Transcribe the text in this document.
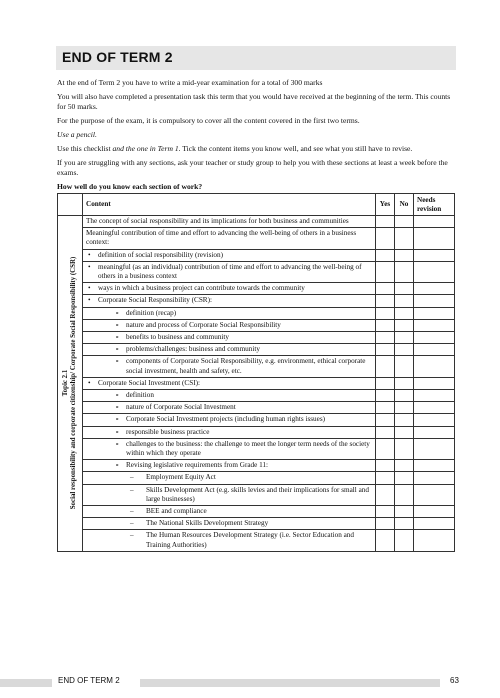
END OF TERM 2

At the end of Term 2 you have to write a mid-year examination for a total of 300 marks

You will also have completed a presentation task this term that you would have received at the beginning of the term. This counts for 50 marks.

For the purpose of the exam, it is compulsory to cover all the content covered in the first two terms.

Use a pencil.

Use this checklist and the one in Term 1. Tick the content items you know well, and see what you still have to revise.

If you are struggling with any sections, ask your teacher or study group to help you with these sections at least a week before the exams.

How well do you know each section of work?

	Content	Yes	No	Needs revision

Topic 2.1 Social responsibility and corporate citizenship/ Corporate Social Responsibility (CSR)	The concept of social responsibility and its implications for both business and communities			

	Meaningful contribution of time and effort to advancing the well-being of others in a business context:			

	• definition of social responsibility (revision)

	• meaningful (as an individual) contribution of time and effort to advancing the well-being of others in a business context

	• ways in which a business project can contribute towards the community

	• Corporate Social Responsibility (CSR):

	∘ definition (recap)

	∘ nature and process of Corporate Social Responsibility

	∘ benefits to business and community

	∘ problems/challenges: business and community

	∘ components of Corporate Social Responsibility, e.g. environment, ethical corporate social investment, health and safety, etc.

	• Corporate Social Investment (CSI):

	∘ definition

	∘ nature of Corporate Social Investment

	∘ Corporate Social Investment projects (including human rights issues)

	∘ responsible business practice

	∘ challenges to the business: the challenge to meet the longer term needs of the society within which they operate

	∘ Revising legislative requirements from Grade 11:

	– Employment Equity Act

	– Skills Development Act (e.g. skills levies and their implications for small and large businesses)

	– BEE and compliance

	– The National Skills Development Strategy

	– The Human Resources Development Strategy (i.e. Sector Education and Training Authorities)

END OF TERM 2	63
